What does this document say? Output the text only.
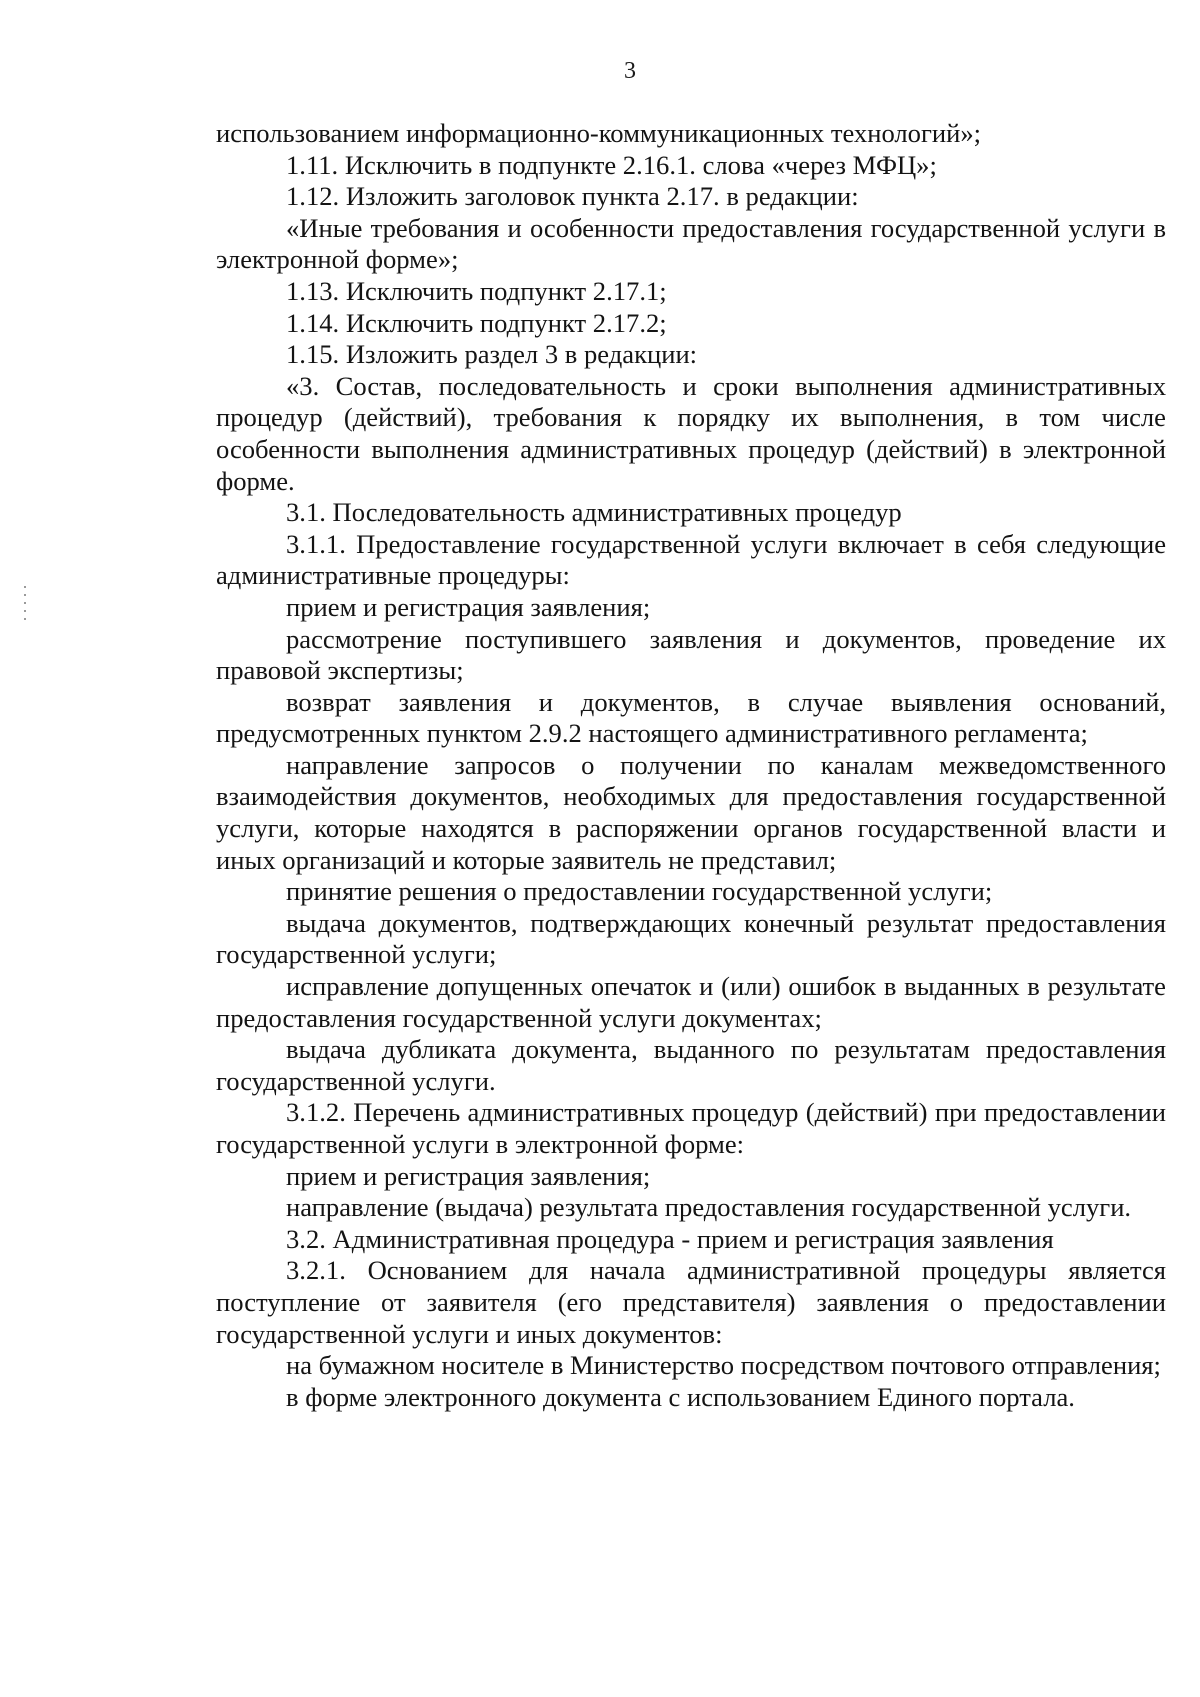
3

использованием информационно-коммуникационных технологий»;

1.11. Исключить в подпункте 2.16.1. слова «через МФЦ»;

1.12. Изложить заголовок пункта 2.17. в редакции:

«Иные требования и особенности предоставления государственной услуги в электронной форме»;

1.13. Исключить подпункт 2.17.1;

1.14. Исключить подпункт 2.17.2;

1.15. Изложить раздел 3 в редакции:

«3. Состав, последовательность и сроки выполнения административных процедур (действий), требования к порядку их выполнения, в том числе особенности выполнения административных процедур (действий) в электронной форме.

3.1. Последовательность административных процедур

3.1.1. Предоставление государственной услуги включает в себя следующие административные процедуры:

прием и регистрация заявления;

рассмотрение поступившего заявления и документов, проведение их правовой экспертизы;

возврат заявления и документов, в случае выявления оснований, предусмотренных пунктом 2.9.2 настоящего административного регламента;

направление запросов о получении по каналам межведомственного взаимодействия документов, необходимых для предоставления государственной услуги, которые находятся в распоряжении органов государственной власти и иных организаций и которые заявитель не представил;

принятие решения о предоставлении государственной услуги;

выдача документов, подтверждающих конечный результат предоставления государственной услуги;

исправление допущенных опечаток и (или) ошибок в выданных в результате предоставления государственной услуги документах;

выдача дубликата документа, выданного по результатам предоставления государственной услуги.

3.1.2. Перечень административных процедур (действий) при предоставлении государственной услуги в электронной форме:

прием и регистрация заявления;

направление (выдача) результата предоставления государственной услуги.

3.2. Административная процедура - прием и регистрация заявления

3.2.1. Основанием для начала административной процедуры является поступление от заявителя (его представителя) заявления о предоставлении государственной услуги и иных документов:

на бумажном носителе в Министерство посредством почтового отправления;

в форме электронного документа с использованием Единого портала.
